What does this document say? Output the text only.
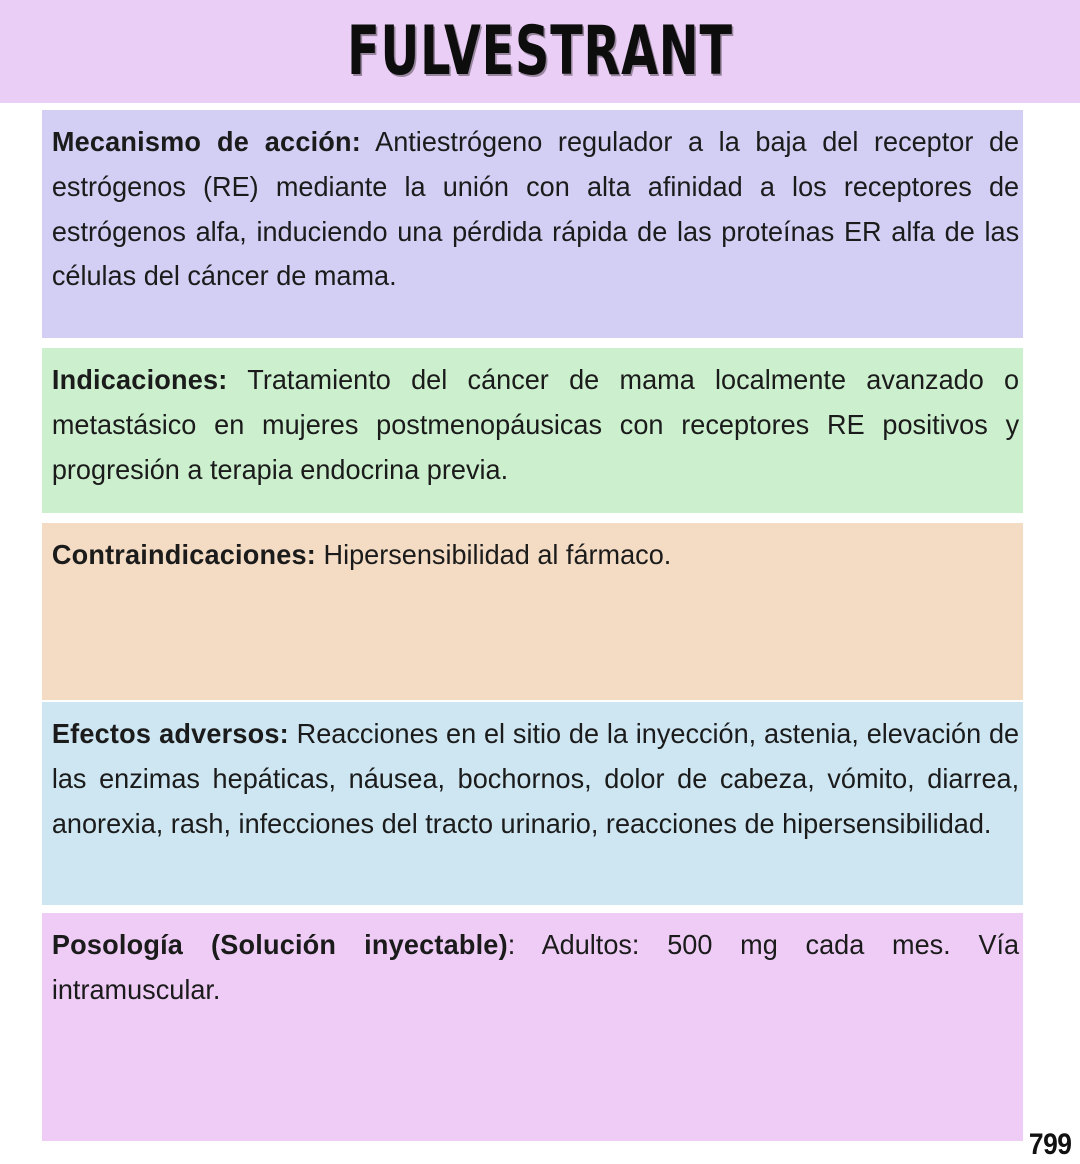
FULVESTRANT

Mecanismo de acción: Antiestrógeno regulador a la baja del receptor de estrógenos (RE) mediante la unión con alta afinidad a los receptores de estrógenos alfa, induciendo una pérdida rápida de las proteínas ER alfa de las células del cáncer de mama.

Indicaciones: Tratamiento del cáncer de mama localmente avanzado o metastásico en mujeres postmenopáusicas con receptores RE positivos y progresión a terapia endocrina previa.

Contraindicaciones: Hipersensibilidad al fármaco.

Efectos adversos: Reacciones en el sitio de la inyección, astenia, elevación de las enzimas hepáticas, náusea, bochornos, dolor de cabeza, vómito, diarrea, anorexia, rash, infecciones del tracto urinario, reacciones de hipersensibilidad.

Posología (Solución inyectable): Adultos: 500 mg cada mes. Vía intramuscular.

799
